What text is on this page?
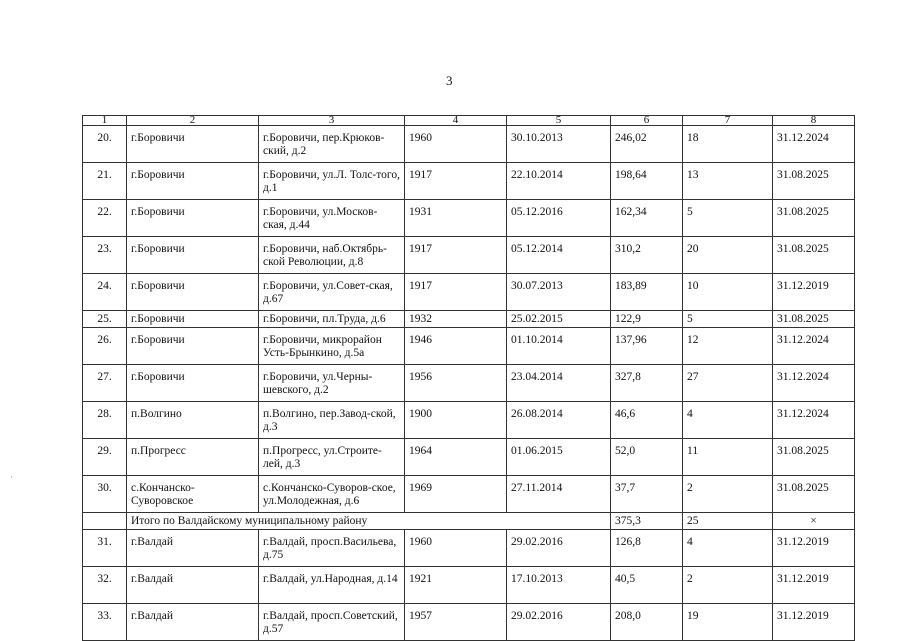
3
·
1	2	3	4	5	6	7	8
20.	г.Боровичи	г.Боровичи, пер.Крюков-ский, д.2	1960	30.10.2013	246,02	18	31.12.2024
21.	г.Боровичи	г.Боровичи, ул.Л. Толс-того, д.1	1917	22.10.2014	198,64	13	31.08.2025
22.	г.Боровичи	г.Боровичи, ул.Москов-ская, д.44	1931	05.12.2016	162,34	5	31.08.2025
23.	г.Боровичи	г.Боровичи, наб.Октябрь-ской Революции, д.8	1917	05.12.2014	310,2	20	31.08.2025
24.	г.Боровичи	г.Боровичи, ул.Совет-ская, д.67	1917	30.07.2013	183,89	10	31.12.2019
25.	г.Боровичи	г.Боровичи, пл.Труда, д.6	1932	25.02.2015	122,9	5	31.08.2025
26.	г.Боровичи	г.Боровичи, микрорайон Усть-Брынкино, д.5а	1946	01.10.2014	137,96	12	31.12.2024
27.	г.Боровичи	г.Боровичи, ул.Черны-шевского, д.2	1956	23.04.2014	327,8	27	31.12.2024
28.	п.Волгино	п.Волгино, пер.Завод-ской, д.3	1900	26.08.2014	46,6	4	31.12.2024
29.	п.Прогресс	п.Прогресс, ул.Строите-лей, д.3	1964	01.06.2015	52,0	11	31.08.2025
30.	с.Кончанско-Суворовское	с.Кончанско-Суворов-ское, ул.Молодежная, д.6	1969	27.11.2014	37,7	2	31.08.2025
	Итого по Валдайскому муниципальному району				375,3	25	×
31.	г.Валдай	г.Валдай, просп.Васильева, д.75	1960	29.02.2016	126,8	4	31.12.2019
32.	г.Валдай	г.Валдай, ул.Народная, д.14	1921	17.10.2013	40,5	2	31.12.2019
33.	г.Валдай	г.Валдай, просп.Советский, д.57	1957	29.02.2016	208,0	19	31.12.2019
